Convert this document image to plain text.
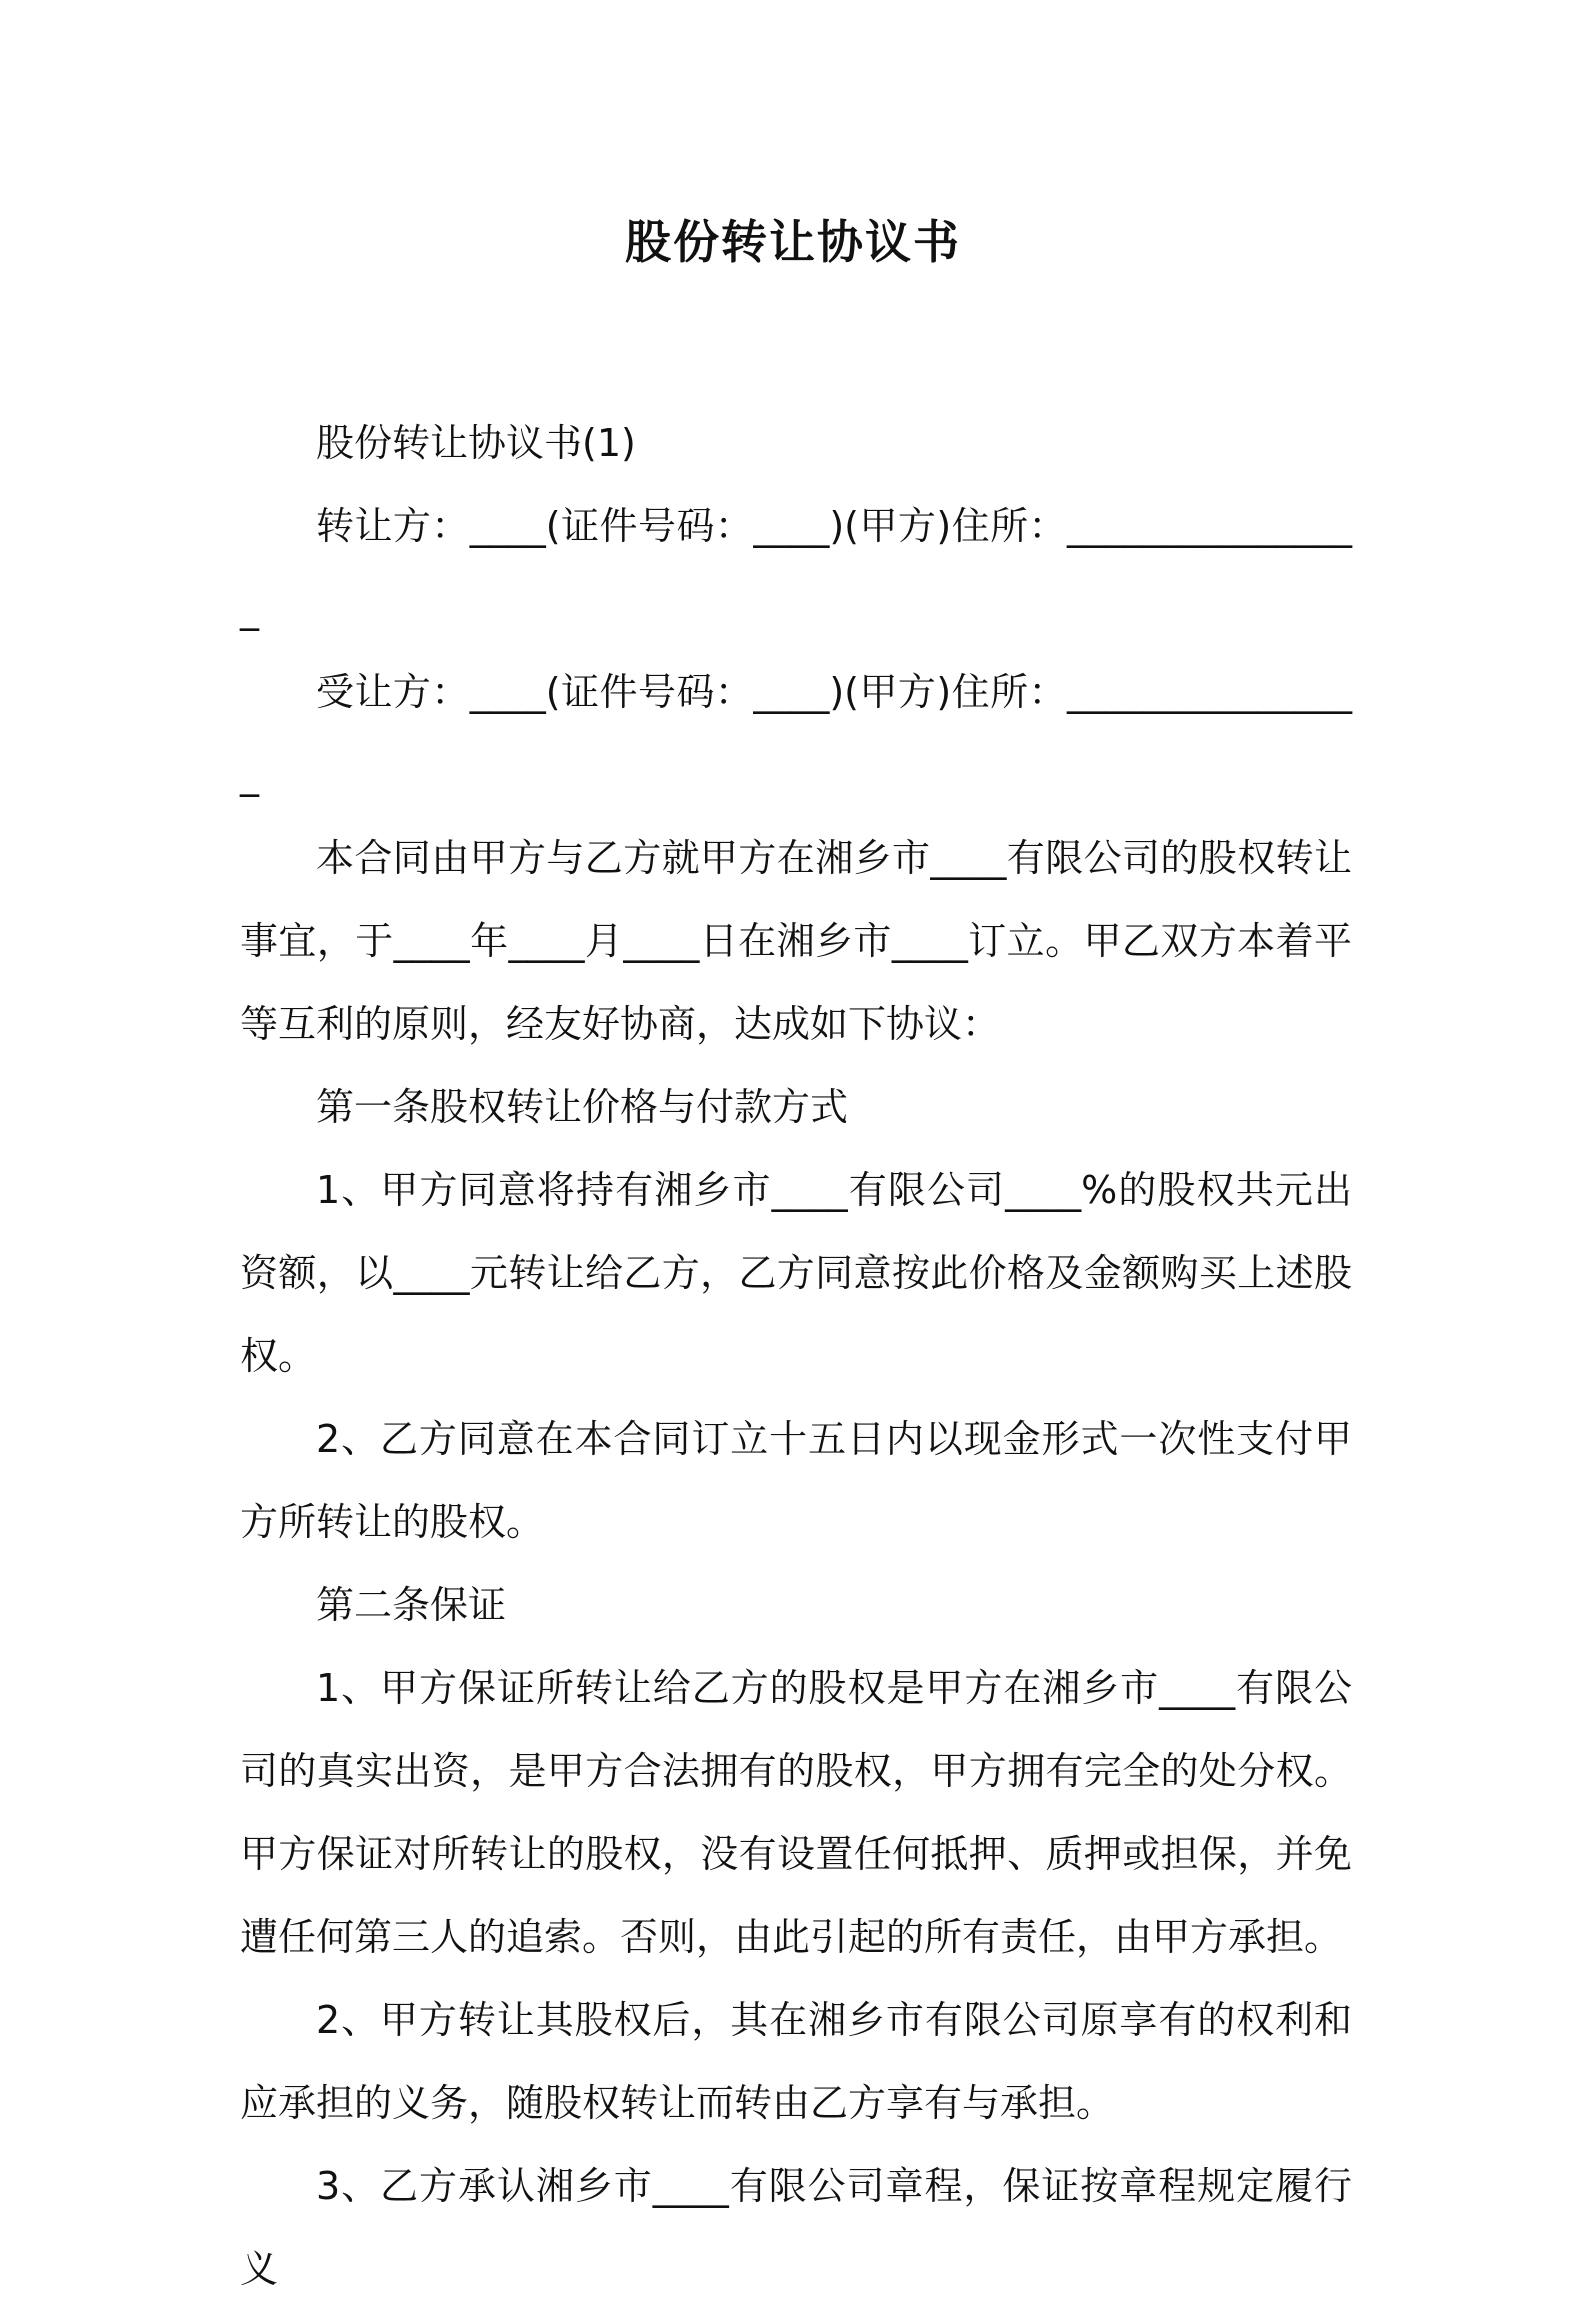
股份转让协议书

股份转让协议书(1)

转让方：____(证件号码：____)(甲方)住所：________________

受让方：____(证件号码：____)(甲方)住所：________________

本合同由甲方与乙方就甲方在湘乡市____有限公司的股权转让事宜，于____年____月____日在湘乡市____订立。甲乙双方本着平等互利的原则，经友好协商，达成如下协议：

第一条股权转让价格与付款方式

1、甲方同意将持有湘乡市____有限公司____%的股权共元出资额，以____元转让给乙方，乙方同意按此价格及金额购买上述股权。

2、乙方同意在本合同订立十五日内以现金形式一次性支付甲方所转让的股权。

第二条保证

1、甲方保证所转让给乙方的股权是甲方在湘乡市____有限公司的真实出资，是甲方合法拥有的股权，甲方拥有完全的处分权。甲方保证对所转让的股权，没有设置任何抵押、质押或担保，并免遭任何第三人的追索。否则，由此引起的所有责任，由甲方承担。

2、甲方转让其股权后，其在湘乡市有限公司原享有的权利和应承担的义务，随股权转让而转由乙方享有与承担。

3、乙方承认湘乡市____有限公司章程，保证按章程规定履行义
